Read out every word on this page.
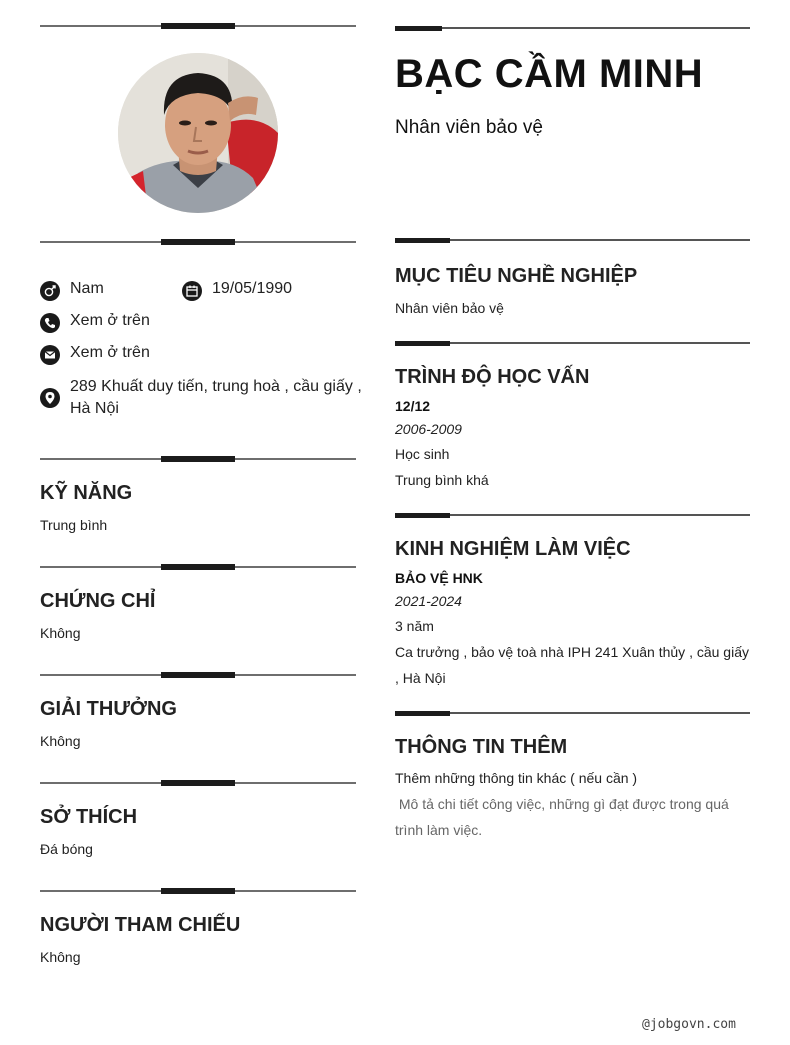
Nam	19/05/1990
Xem ở trên
Xem ở trên
289 Khuất duy tiến, trung hoà , cầu giấy ,
Hà Nội
KỸ NĂNG
Trung bình
CHỨNG CHỈ
Không
GIẢI THƯỞNG
Không
SỞ THÍCH
Đá bóng
NGƯỜI THAM CHIẾU
Không
BẠC CẦM MINH
Nhân viên bảo vệ
MỤC TIÊU NGHỀ NGHIỆP
Nhân viên bảo vệ
TRÌNH ĐỘ HỌC VẤN
12/12
2006-2009
Học sinh
Trung bình khá
KINH NGHIỆM LÀM VIỆC
BẢO VỆ HNK
2021-2024
3 năm
Ca trưởng , bảo vệ toà nhà IPH 241 Xuân thủy , cầu giấy
, Hà Nội
THÔNG TIN THÊM
Thêm những thông tin khác ( nếu cần )
Mô tả chi tiết công việc, những gì đạt được trong quá
trình làm việc.
@jobgovn.com
